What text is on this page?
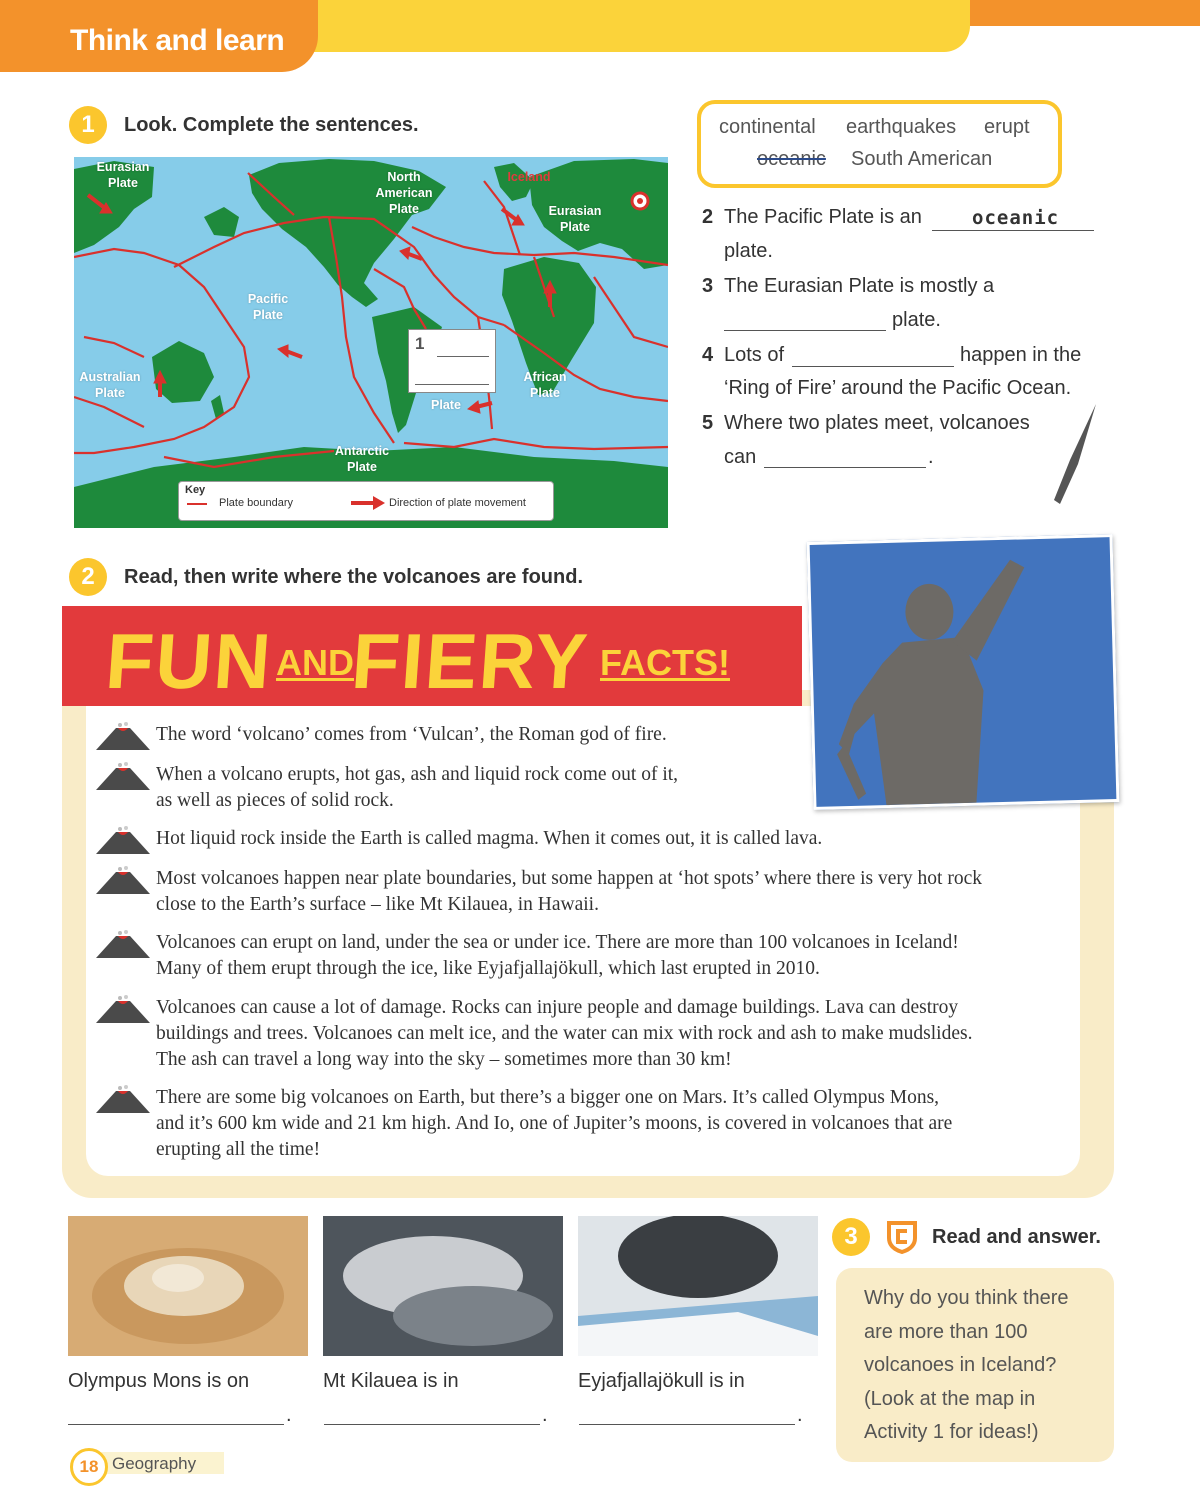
Think and learn
1	Look. Complete the sentences.
Eurasian Plate	North American Plate
Iceland
Eurasian Plate
Pacific Plate
Australian Plate
African Plate
Plate
Antarctic Plate
1
Key
Plate boundary	Direction of plate movement
continental earthquakes erupt
oceanic South American
2 The Pacific Plate is an	oceanic
plate.
3 The Eurasian Plate is mostly a
plate.
4 Lots of	happen in the
‘Ring of Fire’ around the Pacific Ocean.
5 Where two plates meet, volcanoes
can	.
2	Read, then write where the volcanoes are found.
FUN AND
FIERY FACTS!
The word ‘volcano’ comes from ‘Vulcan’, the Roman god of fire.
When a volcano erupts, hot gas, ash and liquid rock come out of it,
as well as pieces of solid rock.
Hot liquid rock inside the Earth is called magma. When it comes out, it is called lava.
Most volcanoes happen near plate boundaries, but some happen at ‘hot spots’ where there is very hot rock
close to the Earth’s surface – like Mt Kilauea, in Hawaii.
Volcanoes can erupt on land, under the sea or under ice. There are more than 100 volcanoes in Iceland!
Many of them erupt through the ice, like Eyjafjallajökull, which last erupted in 2010.
Volcanoes can cause a lot of damage. Rocks can injure people and damage buildings. Lava can destroy
buildings and trees. Volcanoes can melt ice, and the water can mix with rock and ash to make mudslides.
The ash can travel a long way into the sky – sometimes more than 30 km!
There are some big volcanoes on Earth, but there’s a bigger one on Mars. It’s called Olympus Mons,
and it’s 600 km wide and 21 km high. And Io, one of Jupiter’s moons, is covered in volcanoes that are
erupting all the time!
Olympus Mons is on
.
Mt Kilauea is in
.
Eyjafjallajökull is in
.
3	Read and answer.
Why do you think there
are more than 100
volcanoes in Iceland?
(Look at the map in
Activity 1 for ideas!)
18 Geography
